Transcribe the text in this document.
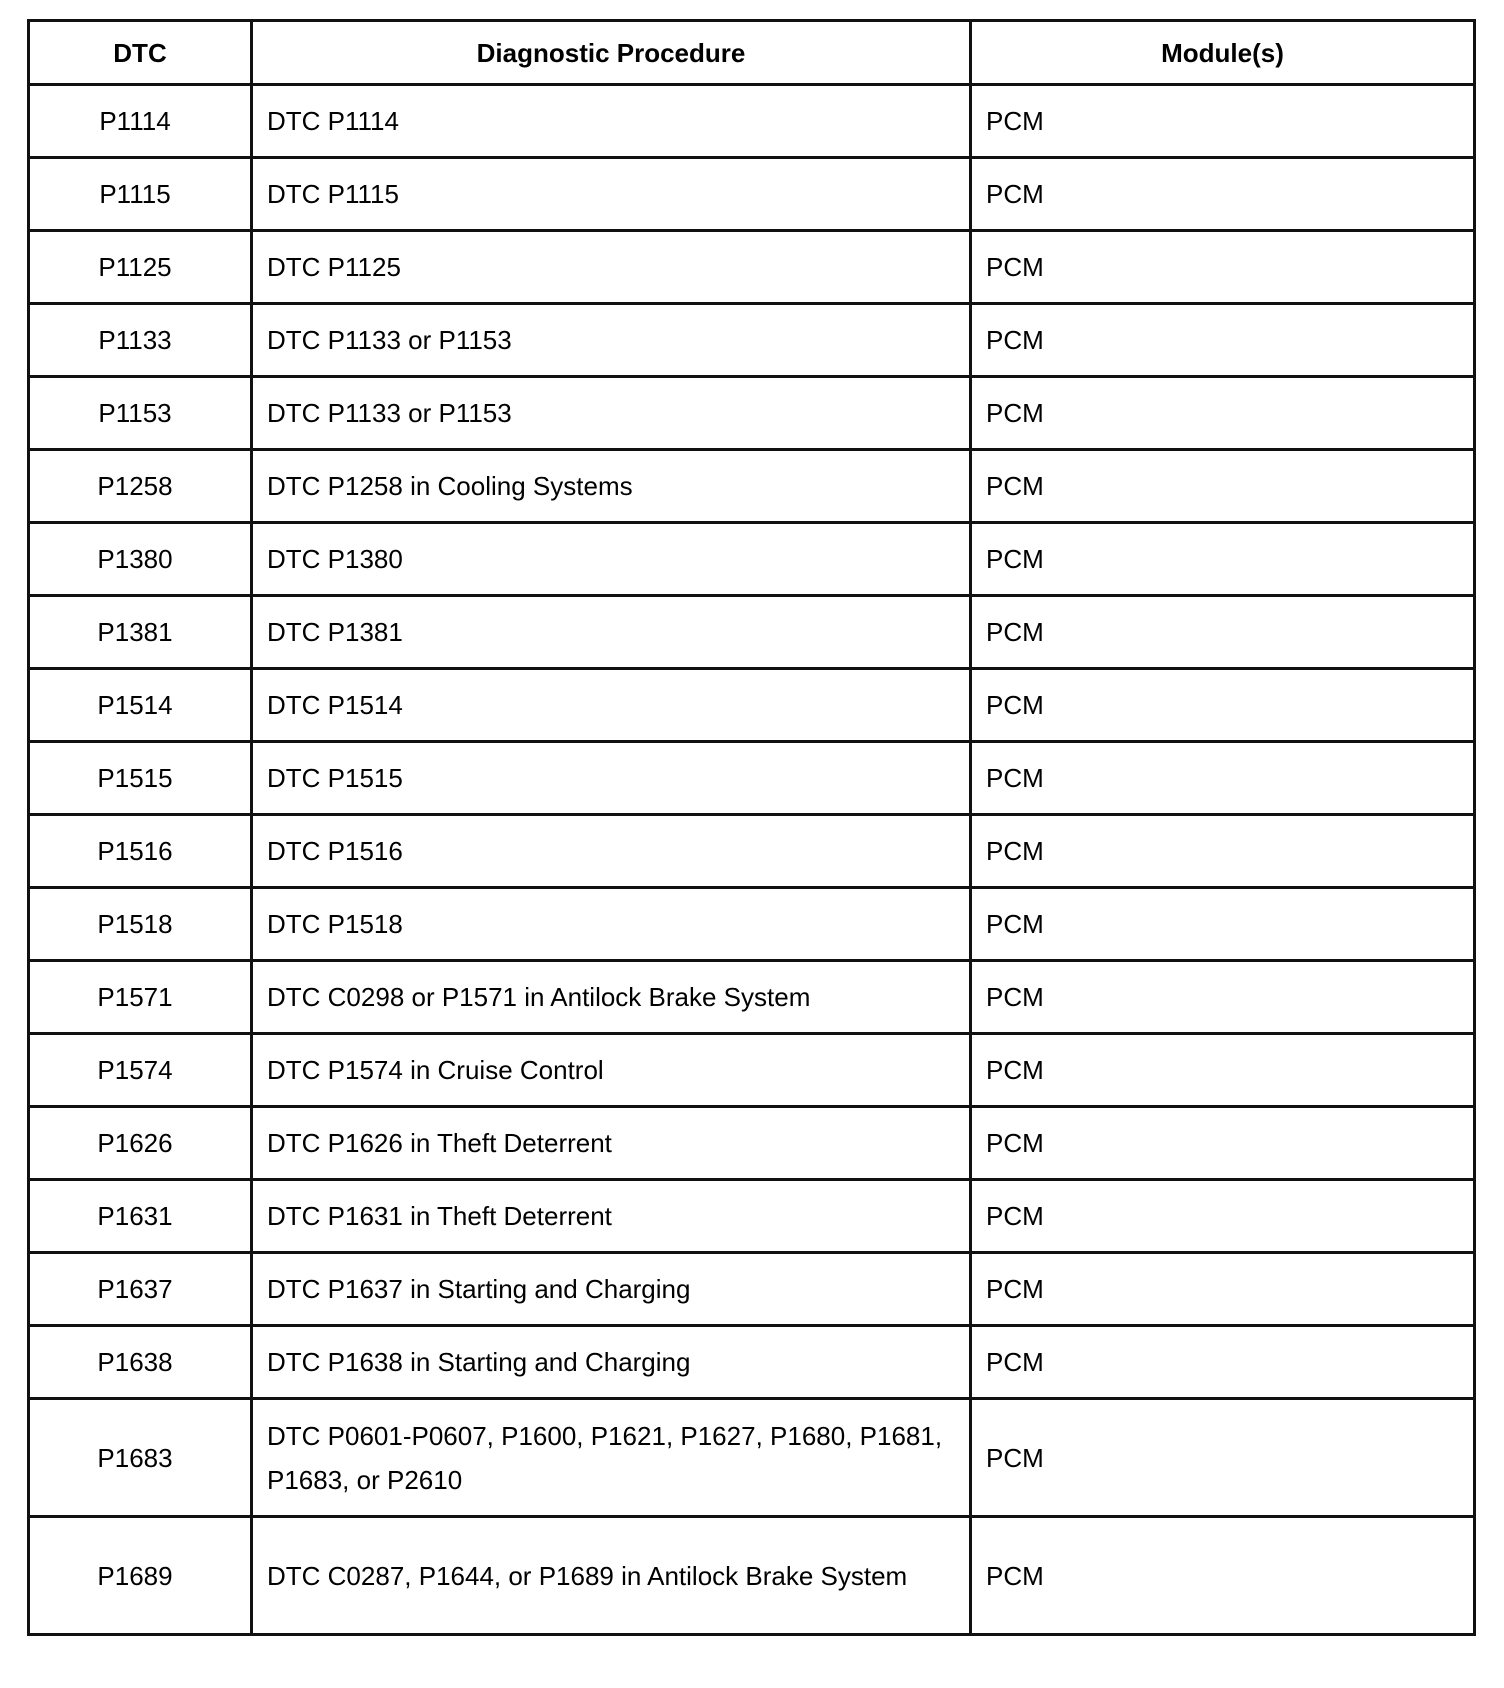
DTC	Diagnostic Procedure	Module(s)
P1114	DTC P1114	PCM
P1115	DTC P1115	PCM
P1125	DTC P1125	PCM
P1133	DTC P1133 or P1153	PCM
P1153	DTC P1133 or P1153	PCM
P1258	DTC P1258 in Cooling Systems	PCM
P1380	DTC P1380	PCM
P1381	DTC P1381	PCM
P1514	DTC P1514	PCM
P1515	DTC P1515	PCM
P1516	DTC P1516	PCM
P1518	DTC P1518	PCM
P1571	DTC C0298 or P1571 in Antilock Brake System	PCM
P1574	DTC P1574 in Cruise Control	PCM
P1626	DTC P1626 in Theft Deterrent	PCM
P1631	DTC P1631 in Theft Deterrent	PCM
P1637	DTC P1637 in Starting and Charging	PCM
P1638	DTC P1638 in Starting and Charging	PCM
P1683	DTC P0601-P0607, P1600, P1621, P1627, P1680, P1681, P1683, or P2610	PCM
P1689	DTC C0287, P1644, or P1689 in Antilock Brake System	PCM
